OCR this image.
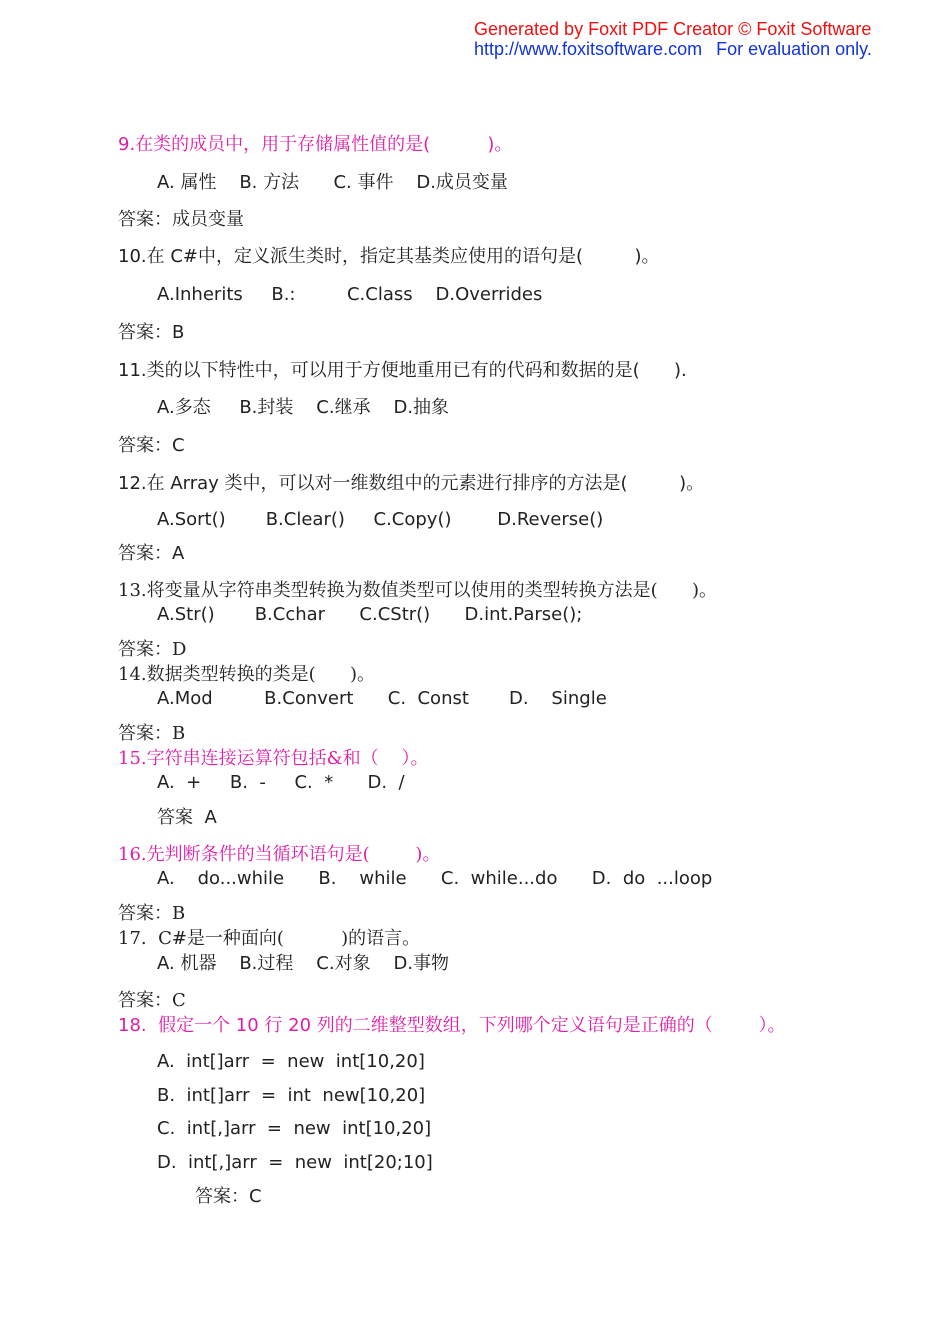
Generated by Foxit PDF Creator © Foxit Software
http://www.foxitsoftware.com For evaluation only.
9.在类的成员中，用于存储属性值的是(          )。
A. 属性    B. 方法      C. 事件    D.成员变量
答案：成员变量
10.在 C#中，定义派生类时，指定其基类应使用的语句是(         )。
A.Inherits     B.:         C.Class    D.Overrides
答案：B
11.类的以下特性中，可以用于方便地重用已有的代码和数据的是(      ).
A.多态     B.封装    C.继承    D.抽象
答案：C
12.在 Array 类中，可以对一维数组中的元素进行排序的方法是(         )。
A.Sort()       B.Clear()     C.Copy()        D.Reverse()
答案：A
13.将变量从字符串类型转换为数值类型可以使用的类型转换方法是(      )。
A.Str()       B.Cchar      C.CStr()      D.int.Parse();
答案：D
14.数据类型转换的类是(      )。
A.Mod         B.Convert      C.  Const       D.    Single
答案：B
15.字符串连接运算符包括&和（    ）。
A.  +     B.  -     C.  *      D.  /
答案  A
16.先判断条件的当循环语句是(        )。
A.    do...while      B.    while      C.  while...do      D.  do  ...loop
答案：B
17.  C#是一种面向(          )的语言。
A. 机器    B.过程    C.对象    D.事物
答案：C
18.  假定一个 10 行 20 列的二维整型数组，下列哪个定义语句是正确的（        ）。
A.  int[]arr  =  new  int[10,20]
B.  int[]arr  =  int  new[10,20]
C.  int[,]arr  =  new  int[10,20]
D.  int[,]arr  =  new  int[20;10]
答案：C
